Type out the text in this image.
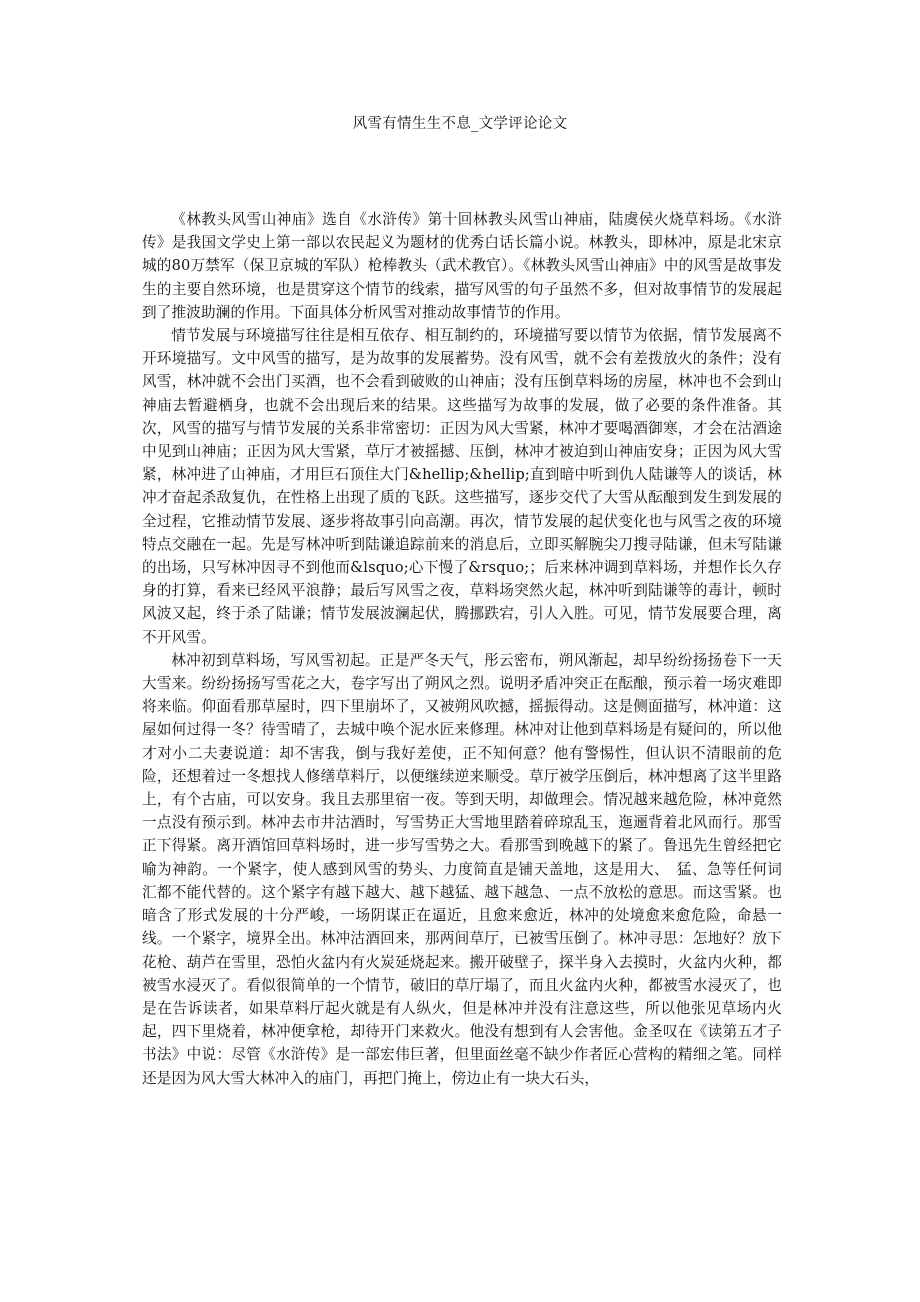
风雪有情生生不息_文学评论论文

《林教头风雪山神庙》选自《水浒传》第十回林教头风雪山神庙，陆虞侯火烧草料场。《水浒传》是我国文学史上第一部以农民起义为题材的优秀白话长篇小说。林教头，即林冲，原是北宋京城的80万禁军（保卫京城的军队）枪棒教头（武术教官）。《林教头风雪山神庙》中的风雪是故事发生的主要自然环境，也是贯穿这个情节的线索，描写风雪的句子虽然不多，但对故事情节的发展起到了推波助澜的作用。下面具体分析风雪对推动故事情节的作用。

情节发展与环境描写往往是相互依存、相互制约的，环境描写要以情节为依据，情节发展离不开环境描写。文中风雪的描写，是为故事的发展蓄势。没有风雪，就不会有差拨放火的条件；没有风雪，林冲就不会出门买酒，也不会看到破败的山神庙；没有压倒草料场的房屋，林冲也不会到山神庙去暂避栖身，也就不会出现后来的结果。这些描写为故事的发展，做了必要的条件准备。其次，风雪的描写与情节发展的关系非常密切：正因为风大雪紧，林冲才要喝酒御寒，才会在沽酒途中见到山神庙；正因为风大雪紧，草厅才被摇撼、压倒，林冲才被迫到山神庙安身；正因为风大雪紧，林冲进了山神庙，才用巨石顶住大门&hellip;&hellip;直到暗中听到仇人陆谦等人的谈话，林冲才奋起杀敌复仇，在性格上出现了质的飞跃。这些描写，逐步交代了大雪从酝酿到发生到发展的全过程，它推动情节发展、逐步将故事引向高潮。再次，情节发展的起伏变化也与风雪之夜的环境特点交融在一起。先是写林冲听到陆谦追踪前来的消息后，立即买解腕尖刀搜寻陆谦，但未写陆谦的出场，只写林冲因寻不到他而&lsquo;心下慢了&rsquo;；后来林冲调到草料场，并想作长久存身的打算，看来已经风平浪静；最后写风雪之夜，草料场突然火起，林冲听到陆谦等的毒计，顿时风波又起，终于杀了陆谦；情节发展波澜起伏，腾挪跌宕，引人入胜。可见，情节发展要合理，离不开风雪。

林冲初到草料场，写风雪初起。正是严冬天气，彤云密布，朔风渐起，却早纷纷扬扬卷下一天大雪来。纷纷扬扬写雪花之大，卷字写出了朔风之烈。说明矛盾冲突正在酝酿，预示着一场灾难即将来临。仰面看那草屋时，四下里崩坏了，又被朔风吹撼，摇振得动。这是侧面描写，林冲道：这屋如何过得一冬？待雪晴了，去城中唤个泥水匠来修理。林冲对让他到草料场是有疑问的，所以他才对小二夫妻说道：却不害我，倒与我好差使，正不知何意？他有警惕性，但认识不清眼前的危险，还想着过一冬想找人修缮草料厅，以便继续逆来顺受。草厅被学压倒后，林冲想离了这半里路上，有个古庙，可以安身。我且去那里宿一夜。等到天明，却做理会。情况越来越危险，林冲竟然一点没有预示到。林冲去市井沽酒时，写雪势正大雪地里踏着碎琼乱玉，迤逦背着北风而行。那雪正下得紧。离开酒馆回草料场时，进一步写雪势之大。看那雪到晚越下的紧了。鲁迅先生曾经把它喻为神韵。一个紧字，使人感到风雪的势头、力度简直是铺天盖地，这是用大、　猛、急等任何词汇都不能代替的。这个紧字有越下越大、越下越猛、越下越急、一点不放松的意思。而这雪紧。也暗含了形式发展的十分严峻，一场阴谋正在逼近，且愈来愈近，林冲的处境愈来愈危险，命悬一线。一个紧字，境界全出。林冲沽酒回来，那两间草厅，已被雪压倒了。林冲寻思：怎地好？放下花枪、葫芦在雪里，恐怕火盆内有火炭延烧起来。搬开破壁子，探半身入去摸时，火盆内火种，都被雪水浸灭了。看似很简单的一个情节，破旧的草厅塌了，而且火盆内火种，都被雪水浸灭了，也是在告诉读者，如果草料厅起火就是有人纵火，但是林冲并没有注意这些，所以他张见草场内火起，四下里烧着，林冲便拿枪，却待开门来救火。他没有想到有人会害他。金圣叹在《读第五才子书法》中说：尽管《水浒传》是一部宏伟巨著，但里面丝毫不缺少作者匠心营构的精细之笔。同样还是因为风大雪大林冲入的庙门，再把门掩上，傍边止有一块大石头，
